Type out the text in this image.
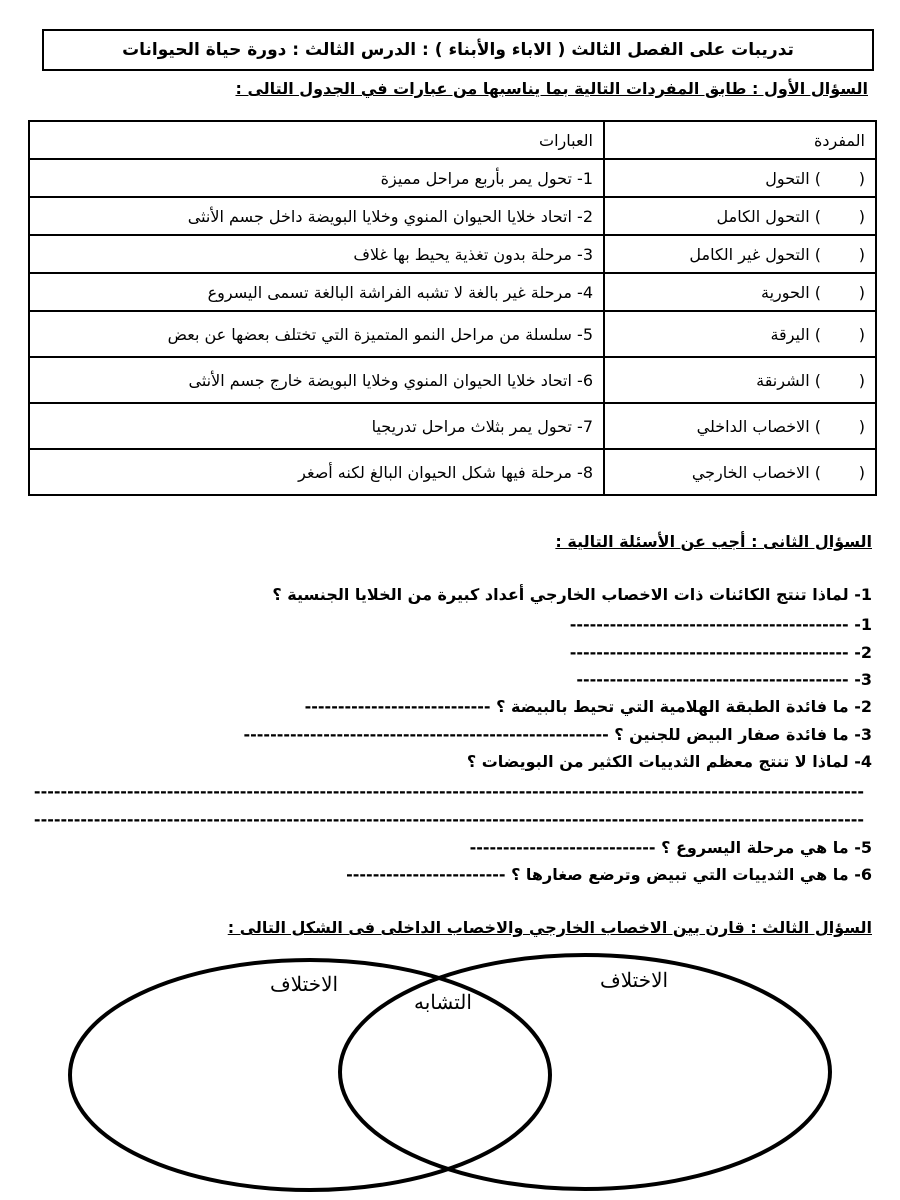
تدريبات على الفصل الثالث ( الاباء والأبناء ) : الدرس الثالث : دورة حياة الحيوانات
السؤال الأول : طابق المفردات التالية بما يناسبها من عبارات في الجدول التالى :
المفردة	العبارات
() التحول	1- تحول يمر بأربع مراحل مميزة
() التحول الكامل	2- اتحاد خلايا الحيوان المنوي وخلايا البويضة داخل جسم الأنثى
() التحول غير الكامل	3- مرحلة بدون تغذية يحيط بها غلاف
() الحورية	4- مرحلة غير بالغة لا تشبه الفراشة البالغة تسمى اليسروع
() اليرقة	5- سلسلة من مراحل النمو المتميزة التي تختلف بعضها عن بعض
() الشرنقة	6- اتحاد خلايا الحيوان المنوي وخلايا البويضة خارج جسم الأنثى
() الاخصاب الداخلي	7- تحول يمر بثلاث مراحل تدريجيا
() الاخصاب الخارجي	8- مرحلة فيها شكل الحيوان البالغ لكنه أصغر
السؤال الثانى : أجب عن الأسئلة التالية :
1- لماذا تنتج الكائنات ذات الاخصاب الخارجي أعداد كبيرة من الخلايا الجنسية ؟
1- ------------------------------------------
2- ------------------------------------------
3- -----------------------------------------
2- ما فائدة الطبقة الهلامية التي تحيط بالبيضة ؟ ----------------------------
3- ما فائدة صفار البيض للجنين ؟ -------------------------------------------------------
4- لماذا لا تنتج معظم الثدييات الكثير من البويضات ؟
-----------------------------------------------------------------------------------------------------------------------------
-----------------------------------------------------------------------------------------------------------------------------
5- ما هي مرحلة اليسروع ؟ ----------------------------
6- ما هي الثدييات التي تبيض وترضع صغارها ؟ ------------------------
السؤال الثالث : قارن بين الاخصاب الخارجي والاخصاب الداخلى فى الشكل التالى :
الاختلاف	الاختلاف
التشابه
